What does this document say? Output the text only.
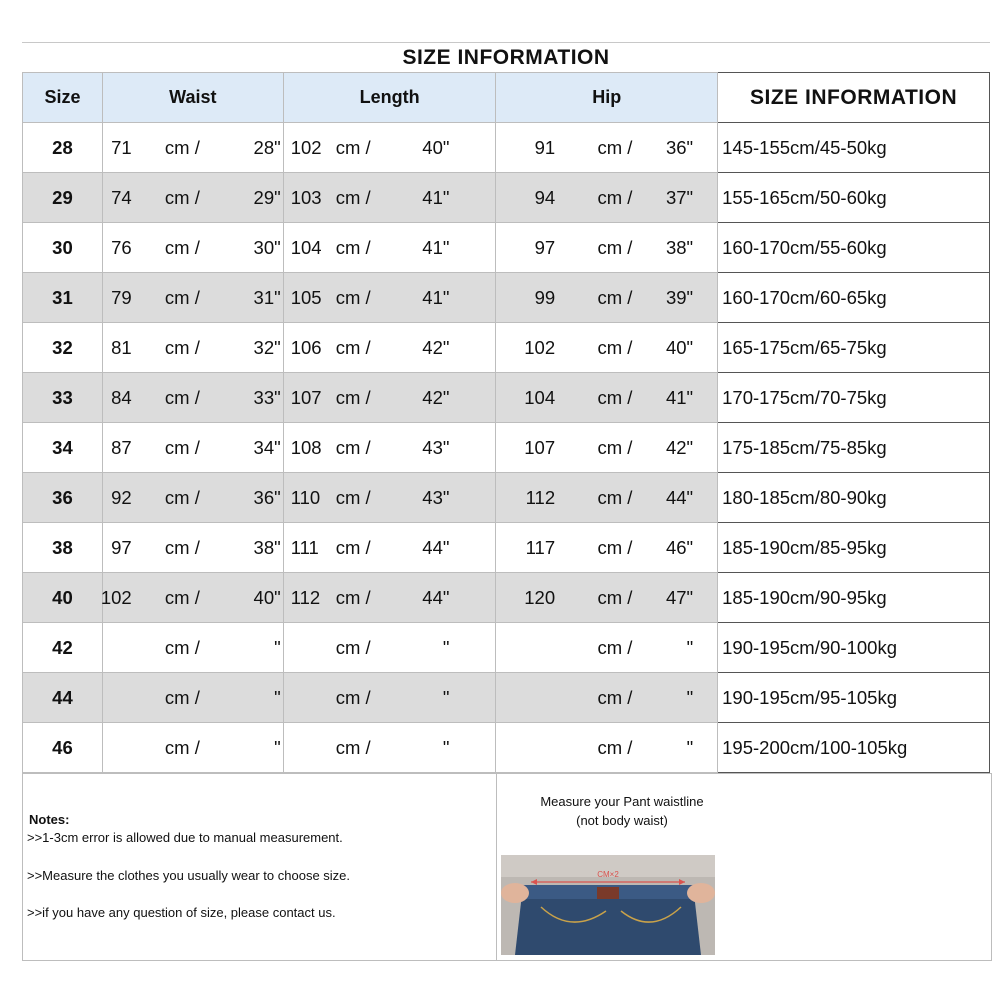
SIZE INFORMATION
Size	Waist	Length	Hip	SIZE INFORMATION
28	71 cm / 28"	102 cm / 40"	91 cm / 36"	145-155cm/45-50kg
29	74 cm / 29"	103 cm / 41"	94 cm / 37"	155-165cm/50-60kg
30	76 cm / 30"	104 cm / 41"	97 cm / 38"	160-170cm/55-60kg
31	79 cm / 31"	105 cm / 41"	99 cm / 39"	160-170cm/60-65kg
32	81 cm / 32"	106 cm / 42"	102 cm / 40"	165-175cm/65-75kg
33	84 cm / 33"	107 cm / 42"	104 cm / 41"	170-175cm/70-75kg
34	87 cm / 34"	108 cm / 43"	107 cm / 42"	175-185cm/75-85kg
36	92 cm / 36"	110 cm / 43"	112 cm / 44"	180-185cm/80-90kg
38	97 cm / 38"	111 cm / 44"	117 cm / 46"	185-190cm/85-95kg
40	102 cm / 40"	112 cm / 44"	120 cm / 47"	185-190cm/90-95kg
42	cm / "	cm / "	cm / "	190-195cm/90-100kg
44	cm / "	cm / "	cm / "	190-195cm/95-105kg
46	cm / "	cm / "	cm / "	195-200cm/100-105kg
Notes:
>>1-3cm error is allowed due to manual measurement.
>>Measure the clothes you usually wear to choose size.
>>if you have any question of size, please contact us.
Measure your Pant waistline
(not body waist)
CM×2
